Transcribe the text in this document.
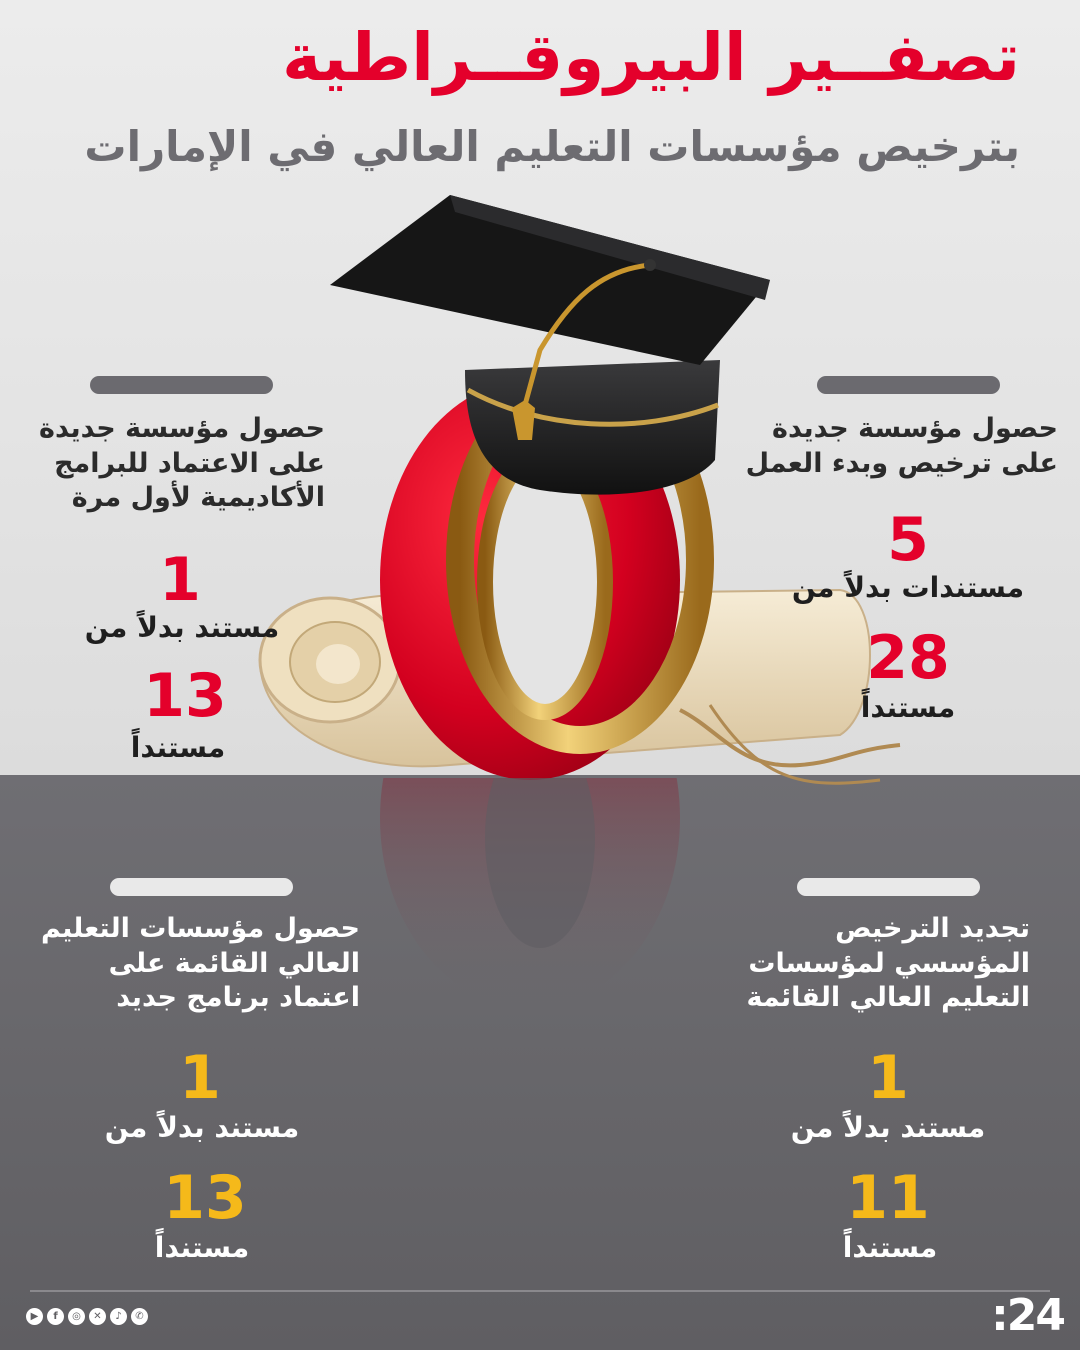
تصفــير البيروقــراطية
بترخيص مؤسسات التعليم العالي في الإمارات
0
حصول مؤسسة جديدة
على ترخيص وبدء العمل
5
مستندات بدلاً من
28
مستنداً
حصول مؤسسة جديدة
على الاعتماد للبرامج
الأكاديمية لأول مرة
1
مستند بدلاً من
13
مستنداً
تجديد الترخيص
المؤسسي لمؤسسات
التعليم العالي القائمة
1
مستند بدلاً من
11
مستنداً
حصول مؤسسات التعليم
العالي القائمة على
اعتماد برنامج جديد
1
مستند بدلاً من
13
مستنداً
▶	f	◎	✕	♪	✆	:24
